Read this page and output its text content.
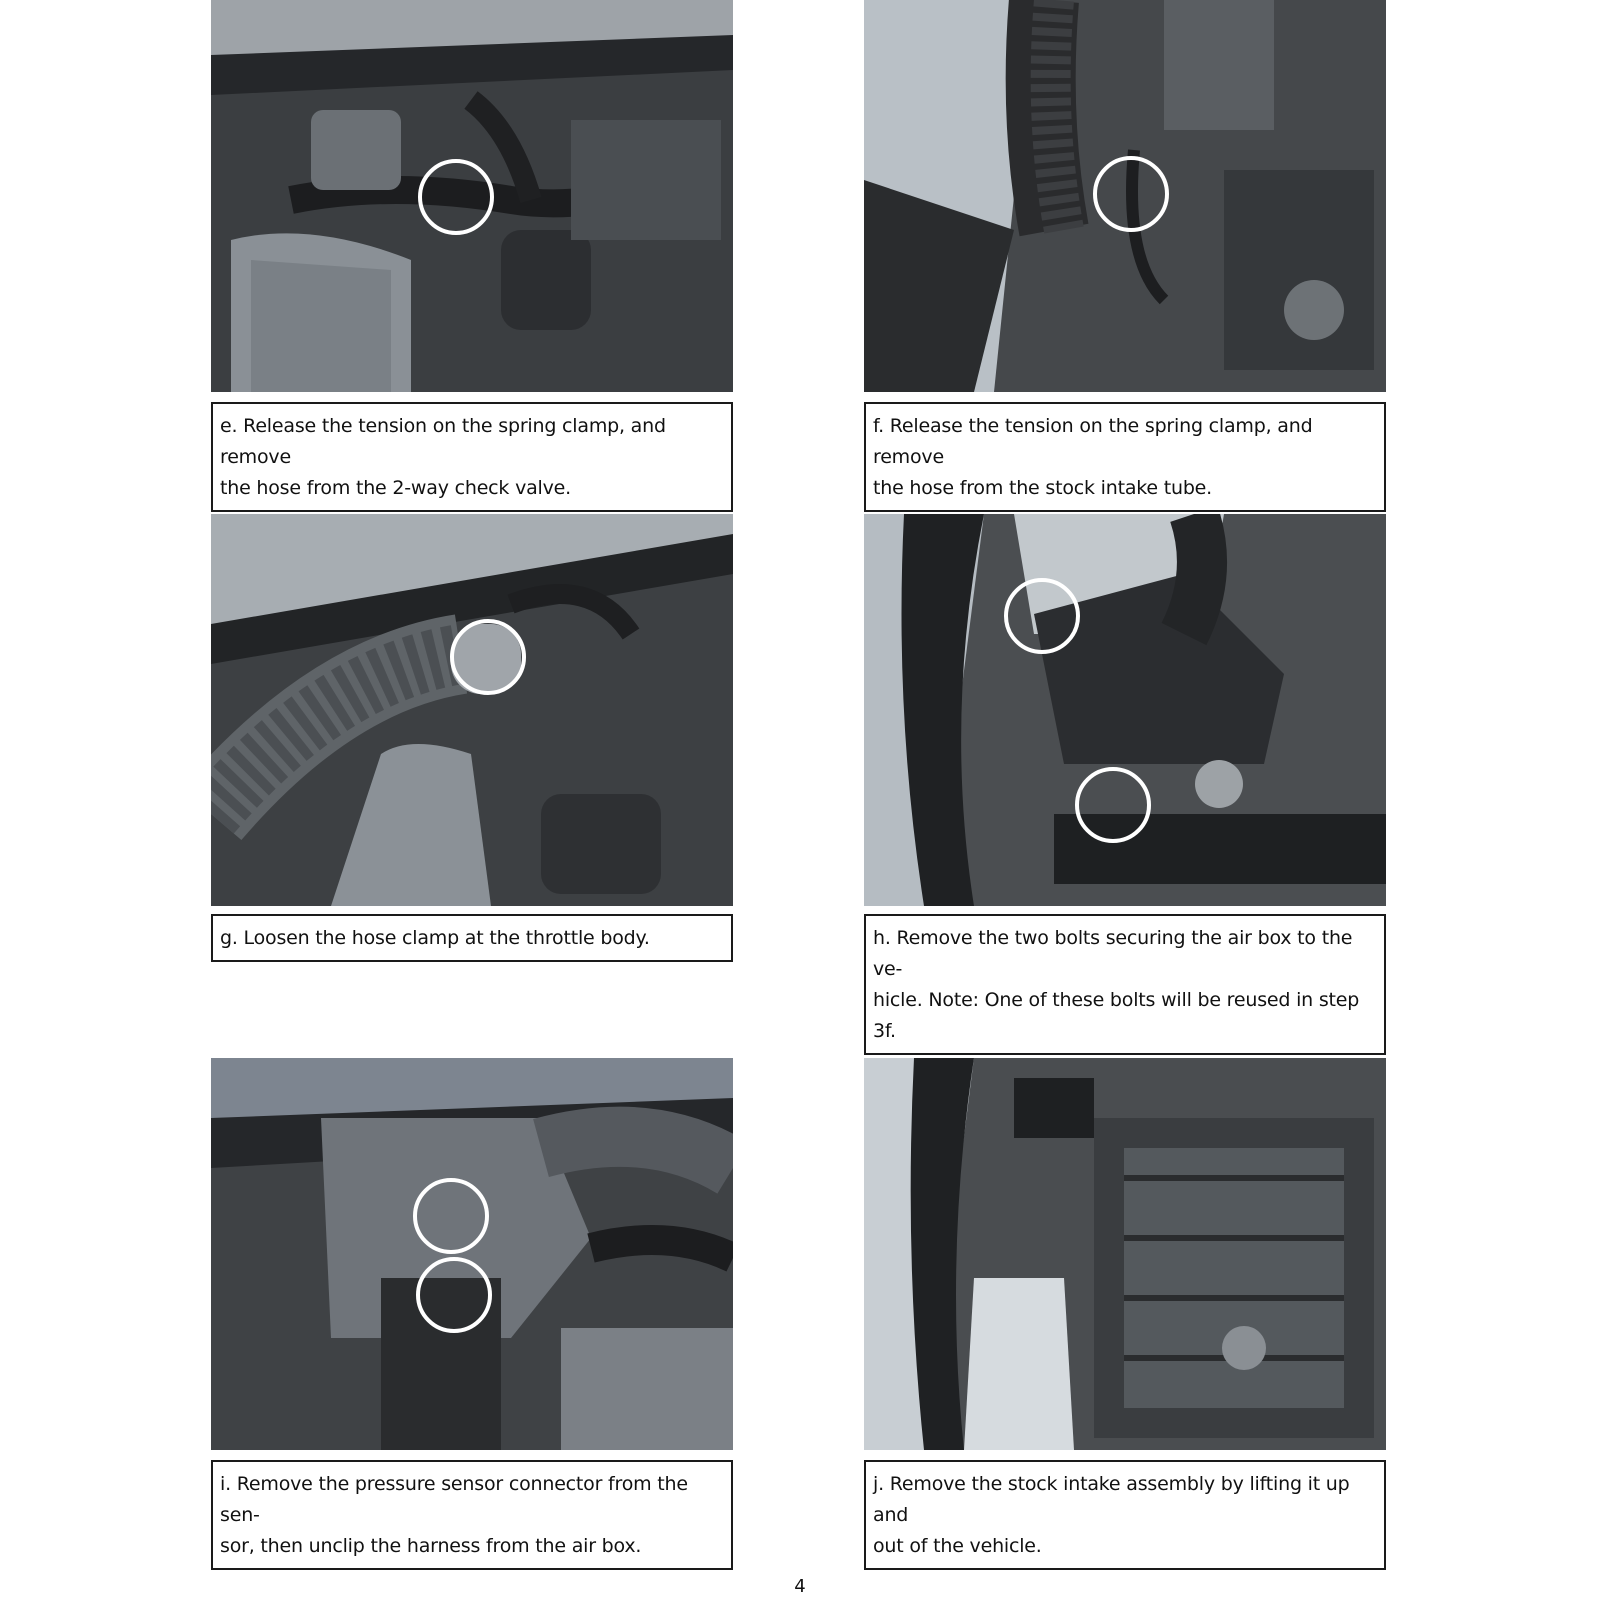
e. Release the tension on the spring clamp, and remove

the hose from the 2-way check valve.

f. Release the tension on the spring clamp, and remove

the hose from the stock intake tube.

g. Loosen the hose clamp at the throttle body.	h. Remove the two bolts securing the air box to the ve-

hicle. Note: One of these bolts will be reused in step 3f.

i. Remove the pressure sensor connector from the sen-

sor, then unclip the harness from the air box.

j. Remove the stock intake assembly by lifting it up and

out of the vehicle.

4
